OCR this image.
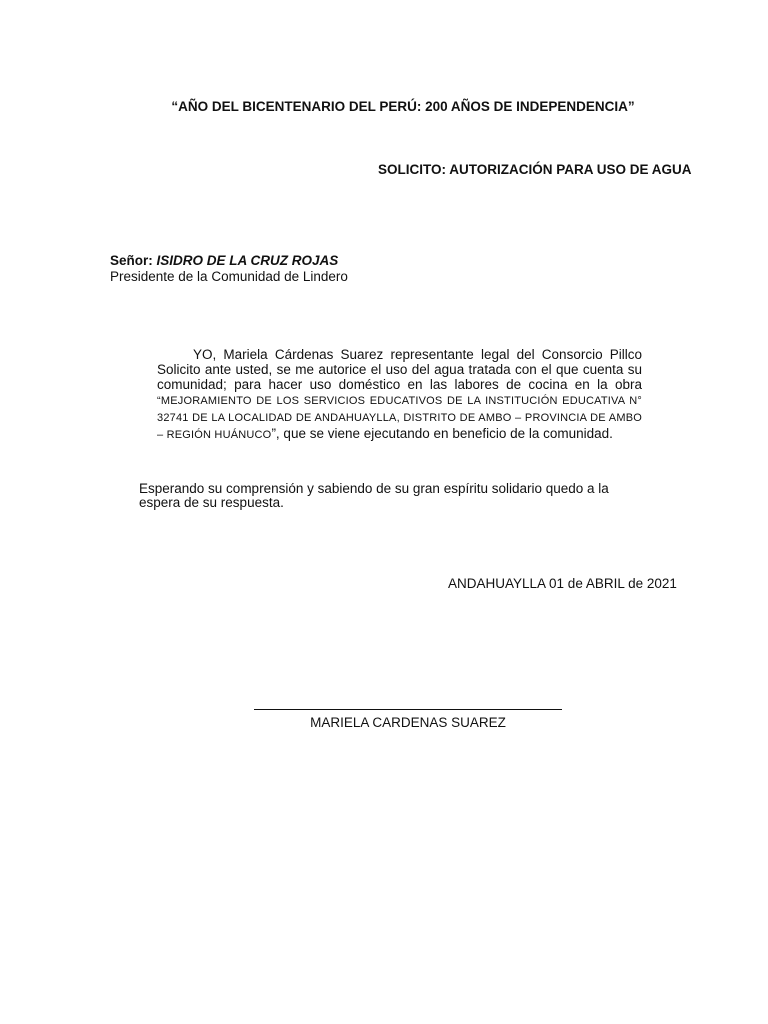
“AÑO DEL BICENTENARIO DEL PERÚ: 200 AÑOS DE INDEPENDENCIA”
SOLICITO: AUTORIZACIÓN PARA USO DE AGUA
Señor: ISIDRO DE LA CRUZ ROJAS
Presidente de la Comunidad de Lindero
YO, Mariela Cárdenas Suarez representante legal del Consorcio Pillco Solicito ante usted, se me autorice el uso del agua tratada con el que cuenta su comunidad; para hacer uso doméstico en las labores de cocina en la obra “MEJORAMIENTO DE LOS SERVICIOS EDUCATIVOS DE LA INSTITUCIÓN EDUCATIVA N° 32741 DE LA LOCALIDAD DE ANDAHUAYLLA, DISTRITO DE AMBO – PROVINCIA DE AMBO – REGIÓN HUÁNUCO”, que se viene ejecutando en beneficio de la comunidad.
Esperando su comprensión y sabiendo de su gran espíritu solidario quedo a la espera de su respuesta.
ANDAHUAYLLA 01 de ABRIL de 2021
MARIELA CARDENAS SUAREZ
